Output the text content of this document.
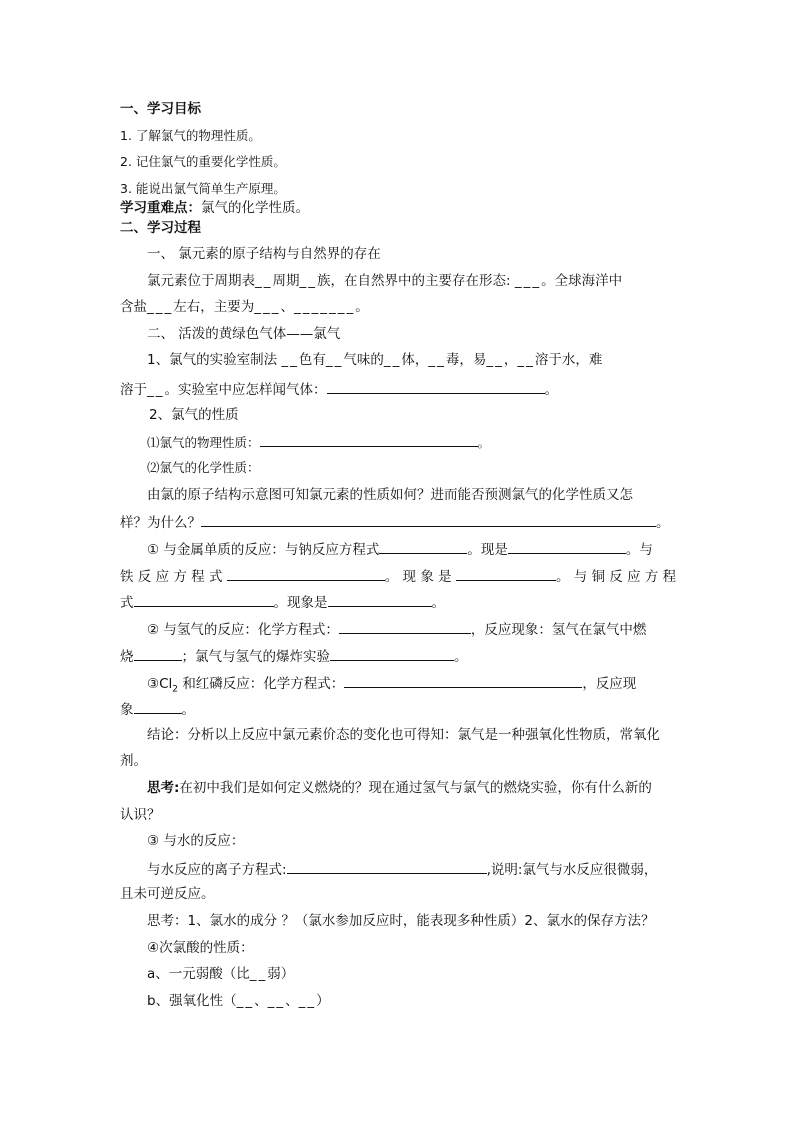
一、学习目标
1. 了解氯气的物理性质。
2. 记住氯气的重要化学性质。
3. 能说出氯气简单生产原理。
学习重难点：氯气的化学性质。
二、学习过程
一、 氯元素的原子结构与自然界的存在
氯元素位于周期表__周期__族，在自然界中的主要存在形态: ___。全球海洋中
含盐___左右，主要为___、_______。
二、 活泼的黄绿色气体——氯气
1、氯气的实验室制法 __色有__气味的__体，__毒，易__，__溶于水，难
溶于__。实验室中应怎样闻气体：	。
2、氯气的性质
⑴氯气的物理性质：	。
⑵氯气的化学性质：
由氯的原子结构示意图可知氯元素的性质如何？进而能否预测氯气的化学性质又怎
样？为什么？	。
① 与金属单质的反应：与钠反应方程式	。现是	。与
铁 反 应 方 程 式	。 现 象 是	。 与 铜 反 应 方 程
式	。现象是	。
② 与氢气的反应：化学方程式：	，反应现象：氢气在氯气中燃
烧	；氯气与氢气的爆炸实验	。
$③Cl_2$ 和红磷反应：化学方程式：	，反应现
象	。
结论：分析以上反应中氯元素价态的变化也可得知：氯气是一种强氧化性物质，常氧化
剂。
思考:在初中我们是如何定义燃烧的？现在通过氢气与氯气的燃烧实验，你有什么新的
认识？
③ 与水的反应：
与水反应的离子方程式:	,说明:氯气与水反应很微弱，
且未可逆反应。
思考：1、氯水的成分 ？（氯水参加反应时，能表现多种性质）2、氯水的保存方法？
④次氯酸的性质：
a、一元弱酸（比__弱）
b、强氧化性（__、__、__）
